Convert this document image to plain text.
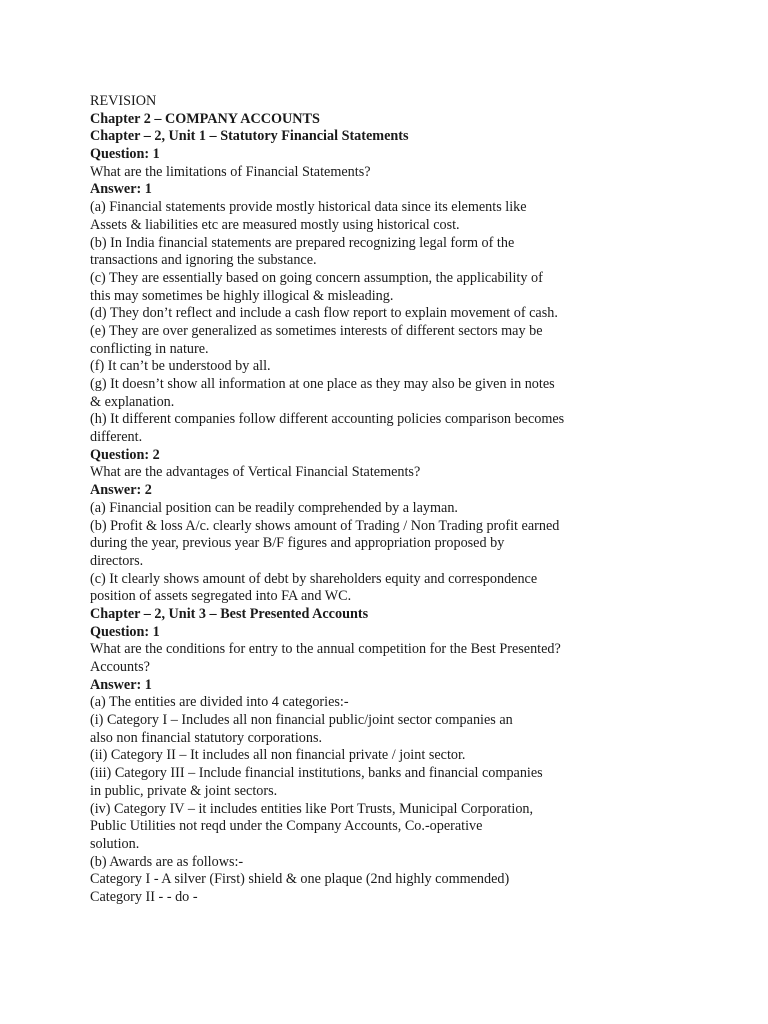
REVISION
Chapter 2 – COMPANY ACCOUNTS
Chapter – 2, Unit 1 – Statutory Financial Statements
Question: 1
What are the limitations of Financial Statements?
Answer: 1
(a) Financial statements provide mostly historical data since its elements like
Assets & liabilities etc are measured mostly using historical cost.
(b) In India financial statements are prepared recognizing legal form of the
transactions and ignoring the substance.
(c) They are essentially based on going concern assumption, the applicability of
this may sometimes be highly illogical & misleading.
(d) They don’t reflect and include a cash flow report to explain movement of cash.
(e) They are over generalized as sometimes interests of different sectors may be
conflicting in nature.
(f) It can’t be understood by all.
(g) It doesn’t show all information at one place as they may also be given in notes
& explanation.
(h) It different companies follow different accounting policies comparison becomes
different.
Question: 2
What are the advantages of Vertical Financial Statements?
Answer: 2
(a) Financial position can be readily comprehended by a layman.
(b) Profit & loss A/c. clearly shows amount of Trading / Non Trading profit earned
during the year, previous year B/F figures and appropriation proposed by
directors.
(c) It clearly shows amount of debt by shareholders equity and correspondence
position of assets segregated into FA and WC.
Chapter – 2, Unit 3 – Best Presented Accounts
Question: 1
What are the conditions for entry to the annual competition for the Best Presented?
Accounts?
Answer: 1
(a) The entities are divided into 4 categories:-
(i) Category I – Includes all non financial public/joint sector companies an
also non financial statutory corporations.
(ii) Category II – It includes all non financial private / joint sector.
(iii) Category III – Include financial institutions, banks and financial companies
in public, private & joint sectors.
(iv) Category IV – it includes entities like Port Trusts, Municipal Corporation,
Public Utilities not reqd under the Company Accounts, Co.-operative
solution.
(b) Awards are as follows:-
Category I - A silver (First) shield & one plaque (2nd highly commended)
Category II - - do -
